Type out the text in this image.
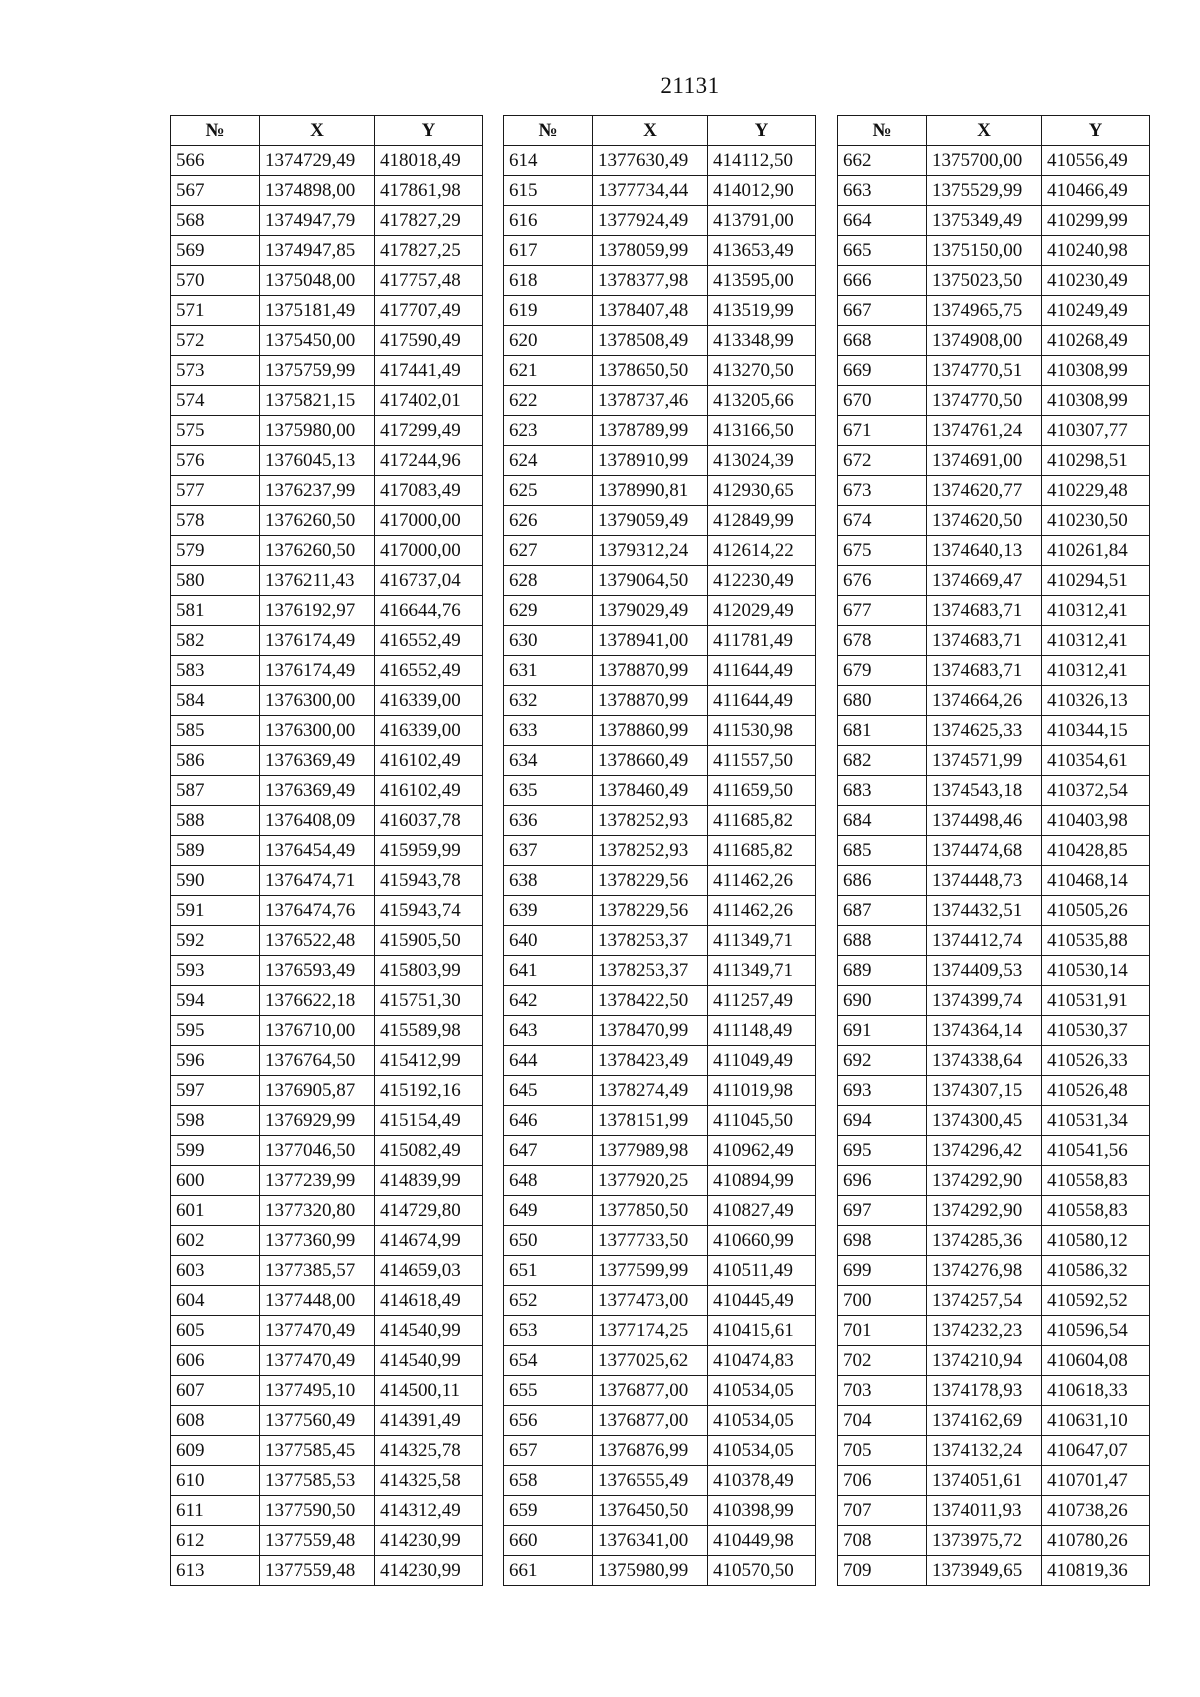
21131
№	X	Y
566	1374729,49	418018,49
567	1374898,00	417861,98
568	1374947,79	417827,29
569	1374947,85	417827,25
570	1375048,00	417757,48
571	1375181,49	417707,49
572	1375450,00	417590,49
573	1375759,99	417441,49
574	1375821,15	417402,01
575	1375980,00	417299,49
576	1376045,13	417244,96
577	1376237,99	417083,49
578	1376260,50	417000,00
579	1376260,50	417000,00
580	1376211,43	416737,04
581	1376192,97	416644,76
582	1376174,49	416552,49
583	1376174,49	416552,49
584	1376300,00	416339,00
585	1376300,00	416339,00
586	1376369,49	416102,49
587	1376369,49	416102,49
588	1376408,09	416037,78
589	1376454,49	415959,99
590	1376474,71	415943,78
591	1376474,76	415943,74
592	1376522,48	415905,50
593	1376593,49	415803,99
594	1376622,18	415751,30
595	1376710,00	415589,98
596	1376764,50	415412,99
597	1376905,87	415192,16
598	1376929,99	415154,49
599	1377046,50	415082,49
600	1377239,99	414839,99
601	1377320,80	414729,80
602	1377360,99	414674,99
603	1377385,57	414659,03
604	1377448,00	414618,49
605	1377470,49	414540,99
606	1377470,49	414540,99
607	1377495,10	414500,11
608	1377560,49	414391,49
609	1377585,45	414325,78
610	1377585,53	414325,58
611	1377590,50	414312,49
612	1377559,48	414230,99
613	1377559,48	414230,99
№	X	Y
614	1377630,49	414112,50
615	1377734,44	414012,90
616	1377924,49	413791,00
617	1378059,99	413653,49
618	1378377,98	413595,00
619	1378407,48	413519,99
620	1378508,49	413348,99
621	1378650,50	413270,50
622	1378737,46	413205,66
623	1378789,99	413166,50
624	1378910,99	413024,39
625	1378990,81	412930,65
626	1379059,49	412849,99
627	1379312,24	412614,22
628	1379064,50	412230,49
629	1379029,49	412029,49
630	1378941,00	411781,49
631	1378870,99	411644,49
632	1378870,99	411644,49
633	1378860,99	411530,98
634	1378660,49	411557,50
635	1378460,49	411659,50
636	1378252,93	411685,82
637	1378252,93	411685,82
638	1378229,56	411462,26
639	1378229,56	411462,26
640	1378253,37	411349,71
641	1378253,37	411349,71
642	1378422,50	411257,49
643	1378470,99	411148,49
644	1378423,49	411049,49
645	1378274,49	411019,98
646	1378151,99	411045,50
647	1377989,98	410962,49
648	1377920,25	410894,99
649	1377850,50	410827,49
650	1377733,50	410660,99
651	1377599,99	410511,49
652	1377473,00	410445,49
653	1377174,25	410415,61
654	1377025,62	410474,83
655	1376877,00	410534,05
656	1376877,00	410534,05
657	1376876,99	410534,05
658	1376555,49	410378,49
659	1376450,50	410398,99
660	1376341,00	410449,98
661	1375980,99	410570,50
№	X	Y
662	1375700,00	410556,49
663	1375529,99	410466,49
664	1375349,49	410299,99
665	1375150,00	410240,98
666	1375023,50	410230,49
667	1374965,75	410249,49
668	1374908,00	410268,49
669	1374770,51	410308,99
670	1374770,50	410308,99
671	1374761,24	410307,77
672	1374691,00	410298,51
673	1374620,77	410229,48
674	1374620,50	410230,50
675	1374640,13	410261,84
676	1374669,47	410294,51
677	1374683,71	410312,41
678	1374683,71	410312,41
679	1374683,71	410312,41
680	1374664,26	410326,13
681	1374625,33	410344,15
682	1374571,99	410354,61
683	1374543,18	410372,54
684	1374498,46	410403,98
685	1374474,68	410428,85
686	1374448,73	410468,14
687	1374432,51	410505,26
688	1374412,74	410535,88
689	1374409,53	410530,14
690	1374399,74	410531,91
691	1374364,14	410530,37
692	1374338,64	410526,33
693	1374307,15	410526,48
694	1374300,45	410531,34
695	1374296,42	410541,56
696	1374292,90	410558,83
697	1374292,90	410558,83
698	1374285,36	410580,12
699	1374276,98	410586,32
700	1374257,54	410592,52
701	1374232,23	410596,54
702	1374210,94	410604,08
703	1374178,93	410618,33
704	1374162,69	410631,10
705	1374132,24	410647,07
706	1374051,61	410701,47
707	1374011,93	410738,26
708	1373975,72	410780,26
709	1373949,65	410819,36
